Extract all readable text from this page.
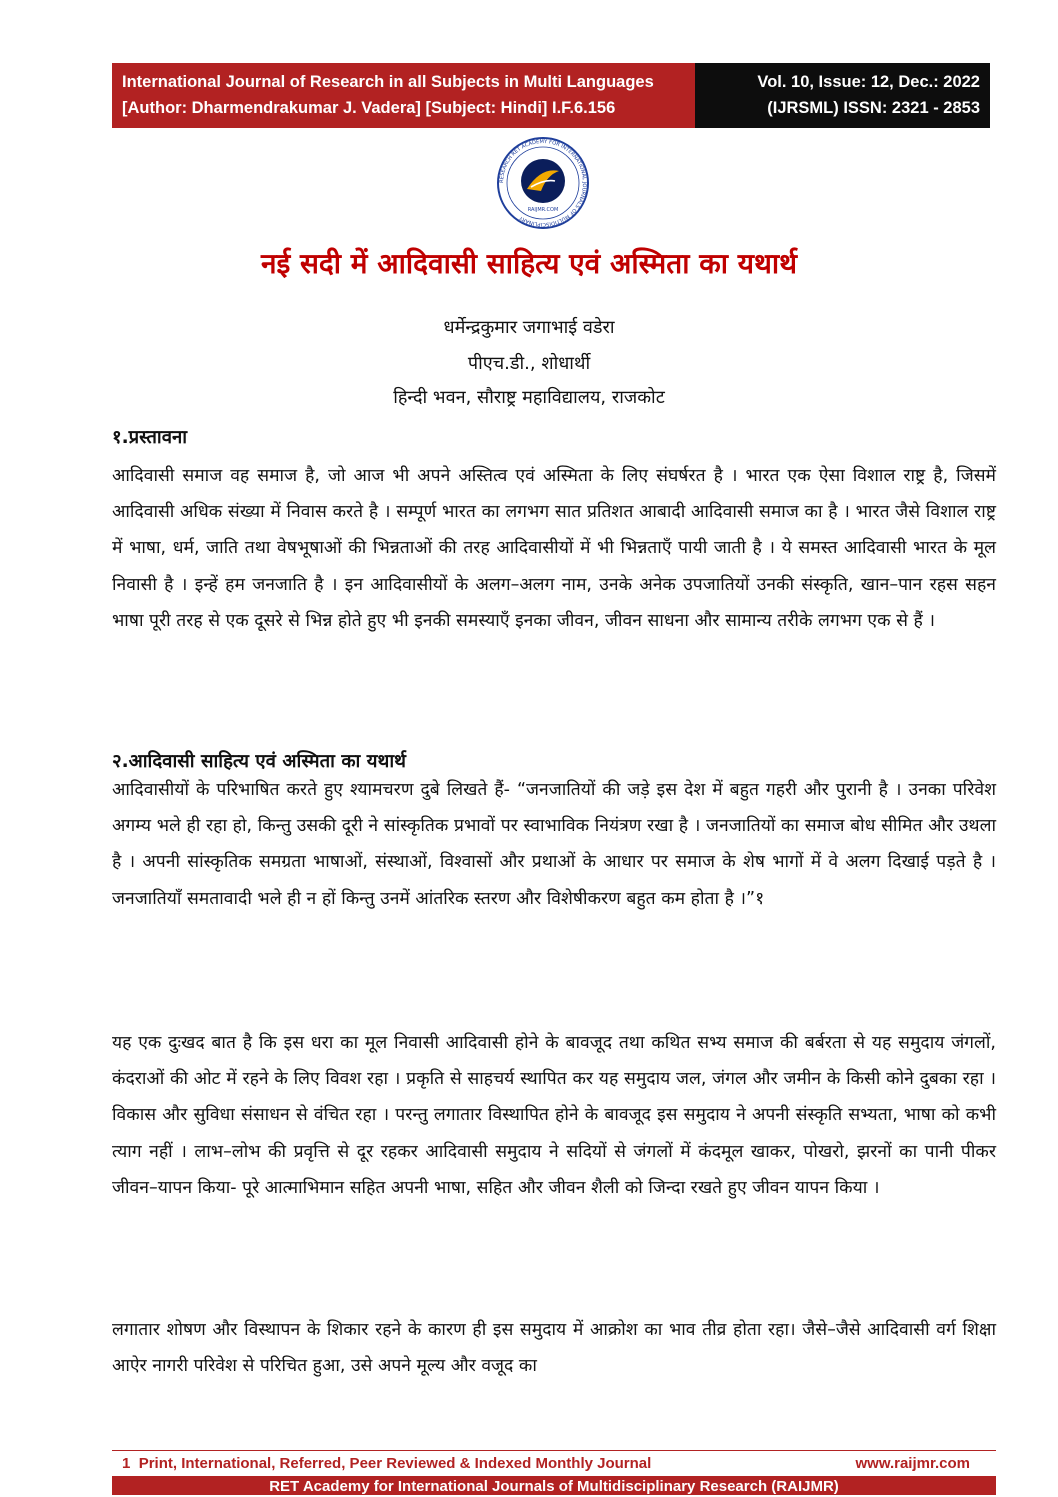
International Journal of Research in all Subjects in Multi Languages
[Author: Dharmendrakumar J. Vadera] [Subject: Hindi] I.F.6.156
Vol. 10, Issue: 12, Dec.: 2022
(IJRSML) ISSN: 2321 - 2853
RESEARCH RET ACADEMY FOR INTERNATIONAL JOURNALS OF MULTIDISCIPLINARY
RAIJMR.COM
नई सदी में आदिवासी साहित्य एवं अस्मिता का यथार्थ
धर्मेन्द्रकुमार जगाभाई वडेरा
पीएच.डी., शोधार्थी
हिन्दी भवन, सौराष्ट्र महाविद्यालय, राजकोट
१.प्रस्तावना
आदिवासी समाज वह समाज है, जो आज भी अपने अस्तित्व एवं अस्मिता के लिए संघर्षरत है । भारत एक ऐसा विशाल राष्ट्र है, जिसमें आदिवासी अधिक संख्या में निवास करते है । सम्पूर्ण भारत का लगभग सात प्रतिशत आबादी आदिवासी समाज का है । भारत जैसे विशाल राष्ट्र में भाषा, धर्म, जाति तथा वेषभूषाओं की भिन्नताओं की तरह आदिवासीयों में भी भिन्नताएँ पायी जाती है । ये समस्त आदिवासी भारत के मूल निवासी है । इन्हें हम जनजाति है । इन आदिवासीयों के अलग–अलग नाम, उनके अनेक उपजातियों उनकी संस्कृति, खान–पान रहस सहन भाषा पूरी तरह से एक दूसरे से भिन्न होते हुए भी इनकी समस्याएँ इनका जीवन, जीवन साधना और सामान्य तरीके लगभग एक से हैं ।
२.आदिवासी साहित्य एवं अस्मिता का यथार्थ
आदिवासीयों के परिभाषित करते हुए श्यामचरण दुबे लिखते हैं- “जनजातियों की जड़े इस देश में बहुत गहरी और पुरानी है । उनका परिवेश अगम्य भले ही रहा हो, किन्तु उसकी दूरी ने सांस्कृतिक प्रभावों पर स्वाभाविक नियंत्रण रखा है । जनजातियों का समाज बोध सीमित और उथला है । अपनी सांस्कृतिक समग्रता भाषाओं, संस्थाओं, विश्वासों और प्रथाओं के आधार पर समाज के शेष भागों में वे अलग दिखाई पड़ते है । जनजातियाँ समतावादी भले ही न हों किन्तु उनमें आंतरिक स्तरण और विशेषीकरण बहुत कम होता है ।”१
यह एक दुःखद बात है कि इस धरा का मूल निवासी आदिवासी होने के बावजूद तथा कथित सभ्य समाज की बर्बरता से यह समुदाय जंगलों, कंदराओं की ओट में रहने के लिए विवश रहा । प्रकृति से साहचर्य स्थापित कर यह समुदाय जल, जंगल और जमीन के किसी कोने दुबका रहा । विकास और सुविधा संसाधन से वंचित रहा । परन्तु लगातार विस्थापित होने के बावजूद इस समुदाय ने अपनी संस्कृति सभ्यता, भाषा को कभी त्याग नहीं । लाभ–लोभ की प्रवृत्ति से दूर रहकर आदिवासी समुदाय ने सदियों से जंगलों में कंदमूल खाकर, पोखरो, झरनों का पानी पीकर जीवन–यापन किया- पूरे आत्माभिमान सहित अपनी भाषा, सहित और जीवन शैली को जिन्दा रखते हुए जीवन यापन किया ।
लगातार शोषण और विस्थापन के शिकार रहने के कारण ही इस समुदाय में आक्रोश का भाव तीव्र होता रहा। जैसे–जैसे आदिवासी वर्ग शिक्षा आऐर नागरी परिवेश से परिचित हुआ, उसे अपने मूल्य और वजूद का
1 Print, International, Referred, Peer Reviewed & Indexed Monthly Journal	www.raijmr.com
RET Academy for International Journals of Multidisciplinary Research (RAIJMR)
